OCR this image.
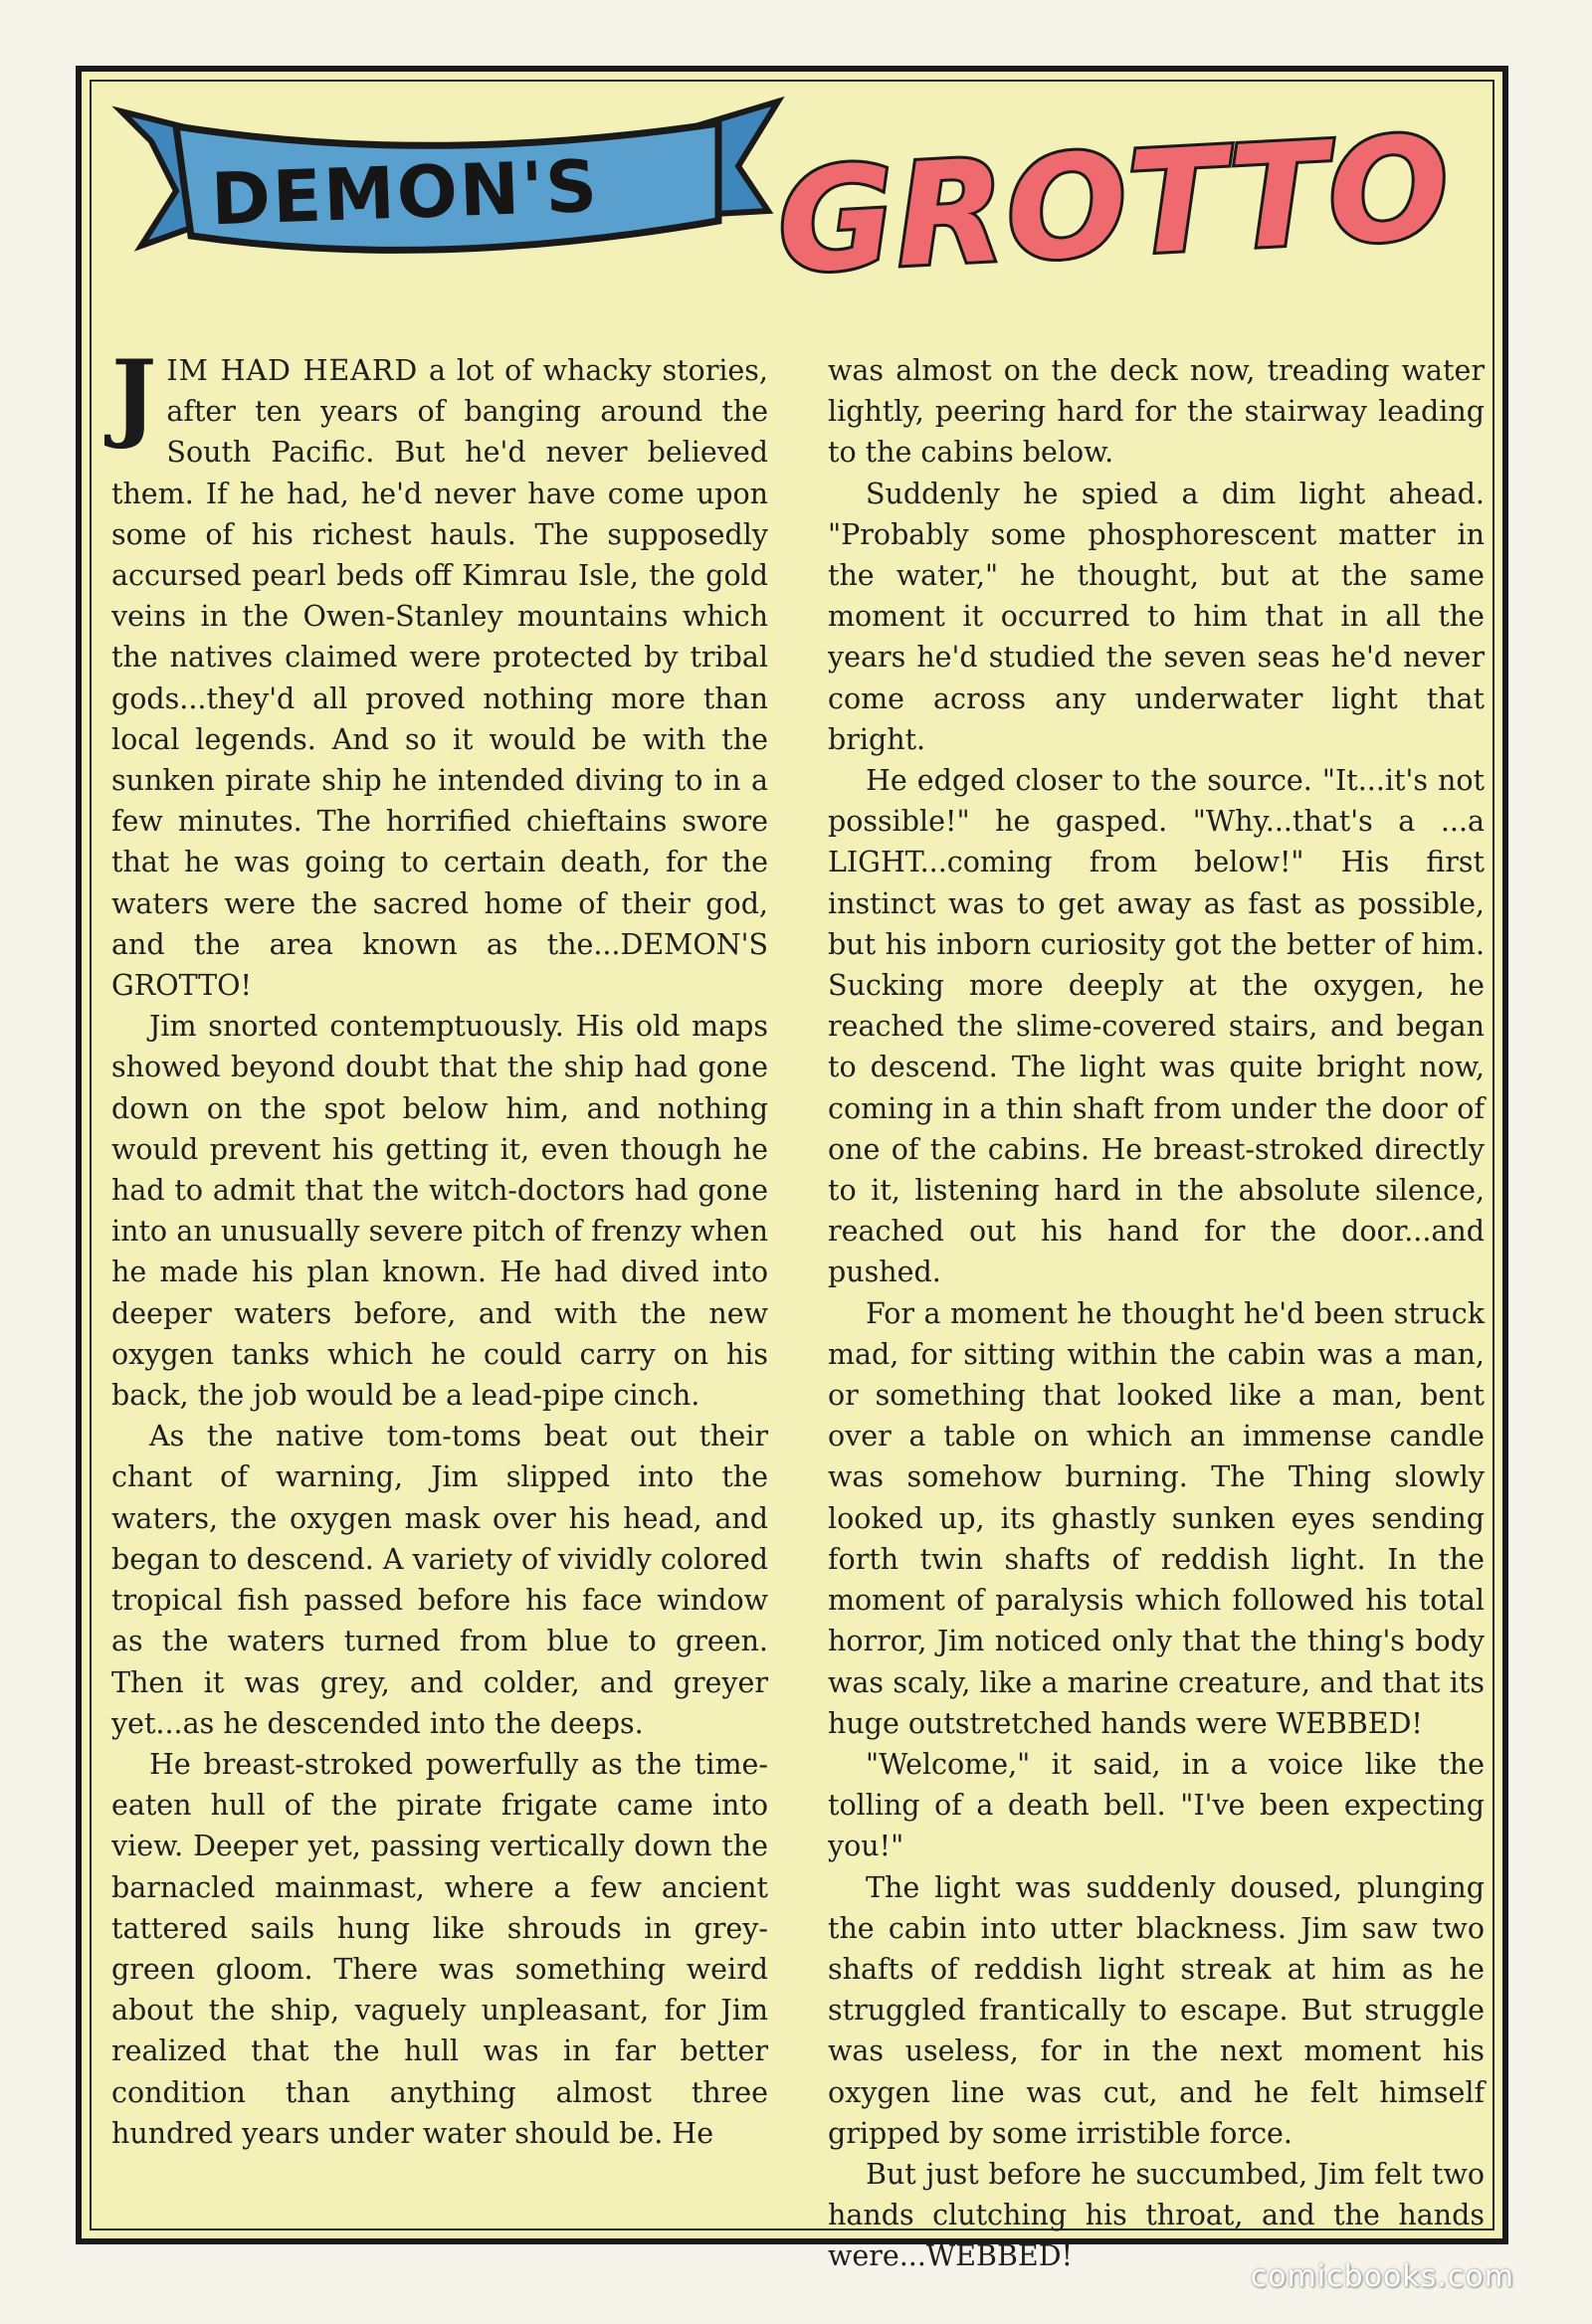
DEMON'S GROTTO

JIM HAD HEARD a lot of whacky stories, after ten years of banging around the South Pacific. But he'd never believed them. If he had, he'd never have come upon some of his richest hauls. The supposedly accursed pearl beds off Kimrau Isle, the gold veins in the Owen-Stanley mountains which the natives claimed were protected by tribal gods...they'd all proved nothing more than local legends. And so it would be with the sunken pirate ship he intended diving to in a few minutes. The horrified chieftains swore that he was going to certain death, for the waters were the sacred home of their god, and the area known as the...DEMON'S GROTTO!

Jim snorted contemptuously. His old maps showed beyond doubt that the ship had gone down on the spot below him, and nothing would prevent his getting it, even though he had to admit that the witch-doctors had gone into an unusually severe pitch of frenzy when he made his plan known. He had dived into deeper waters before, and with the new oxygen tanks which he could carry on his back, the job would be a lead-pipe cinch.

As the native tom-toms beat out their chant of warning, Jim slipped into the waters, the oxygen mask over his head, and began to descend. A variety of vividly colored tropical fish passed before his face window as the waters turned from blue to green. Then it was grey, and colder, and greyer yet...as he descended into the deeps.

He breast-stroked powerfully as the time-eaten hull of the pirate frigate came into view. Deeper yet, passing vertically down the barnacled mainmast, where a few ancient tattered sails hung like shrouds in grey-green gloom. There was something weird about the ship, vaguely unpleasant, for Jim realized that the hull was in far better condition than anything almost three hundred years under water should be. He

was almost on the deck now, treading water lightly, peering hard for the stairway leading to the cabins below.

Suddenly he spied a dim light ahead. "Probably some phosphorescent matter in the water," he thought, but at the same moment it occurred to him that in all the years he'd studied the seven seas he'd never come across any underwater light that bright.

He edged closer to the source. "It...it's not possible!" he gasped. "Why...that's a ...a LIGHT...coming from below!" His first instinct was to get away as fast as possible, but his inborn curiosity got the better of him. Sucking more deeply at the oxygen, he reached the slime-covered stairs, and began to descend. The light was quite bright now, coming in a thin shaft from under the door of one of the cabins. He breast-stroked directly to it, listening hard in the absolute silence, reached out his hand for the door...and pushed.

For a moment he thought he'd been struck mad, for sitting within the cabin was a man, or something that looked like a man, bent over a table on which an immense candle was somehow burning. The Thing slowly looked up, its ghastly sunken eyes sending forth twin shafts of reddish light. In the moment of paralysis which followed his total horror, Jim noticed only that the thing's body was scaly, like a marine creature, and that its huge outstretched hands were WEBBED!

"Welcome," it said, in a voice like the tolling of a death bell. "I've been expecting you!"

The light was suddenly doused, plunging the cabin into utter blackness. Jim saw two shafts of reddish light streak at him as he struggled frantically to escape. But struggle was useless, for in the next moment his oxygen line was cut, and he felt himself gripped by some irristible force.

But just before he succumbed, Jim felt two hands clutching his throat, and the hands were...WEBBED!

comicbooks.com
